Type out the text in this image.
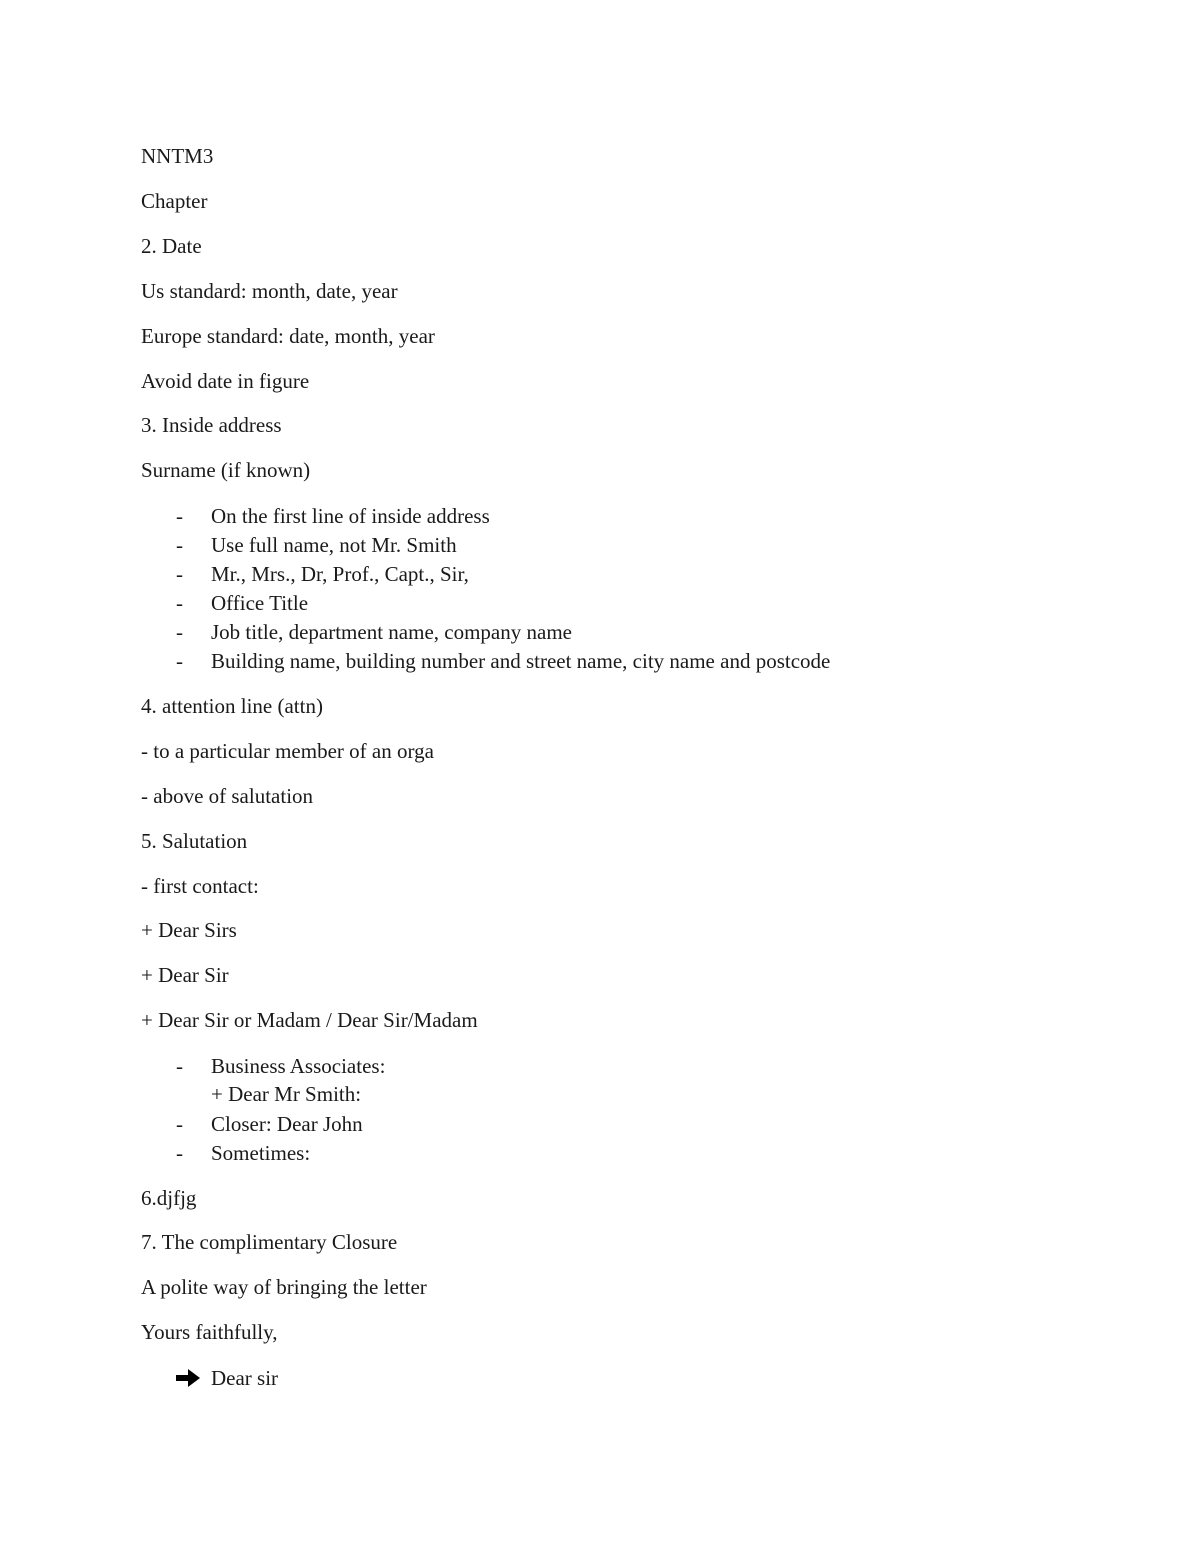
NNTM3
Chapter
2. Date
Us standard: month, date, year
Europe standard: date, month, year
Avoid date in figure
3. Inside address
Surname (if known)
- On the first line of inside address
- Use full name, not Mr. Smith
- Mr., Mrs., Dr, Prof., Capt., Sir,
- Office Title
- Job title, department name, company name
- Building name, building number and street name, city name and postcode
4. attention line (attn)
- to a particular member of an orga
- above of salutation
5. Salutation
- first contact:
+ Dear Sirs
+ Dear Sir
+ Dear Sir or Madam / Dear Sir/Madam
- Business Associates:
+ Dear Mr Smith:
- Closer: Dear John
- Sometimes:
6.djfjg
7. The complimentary Closure
A polite way of bringing the letter
Yours faithfully,
Dear sir
